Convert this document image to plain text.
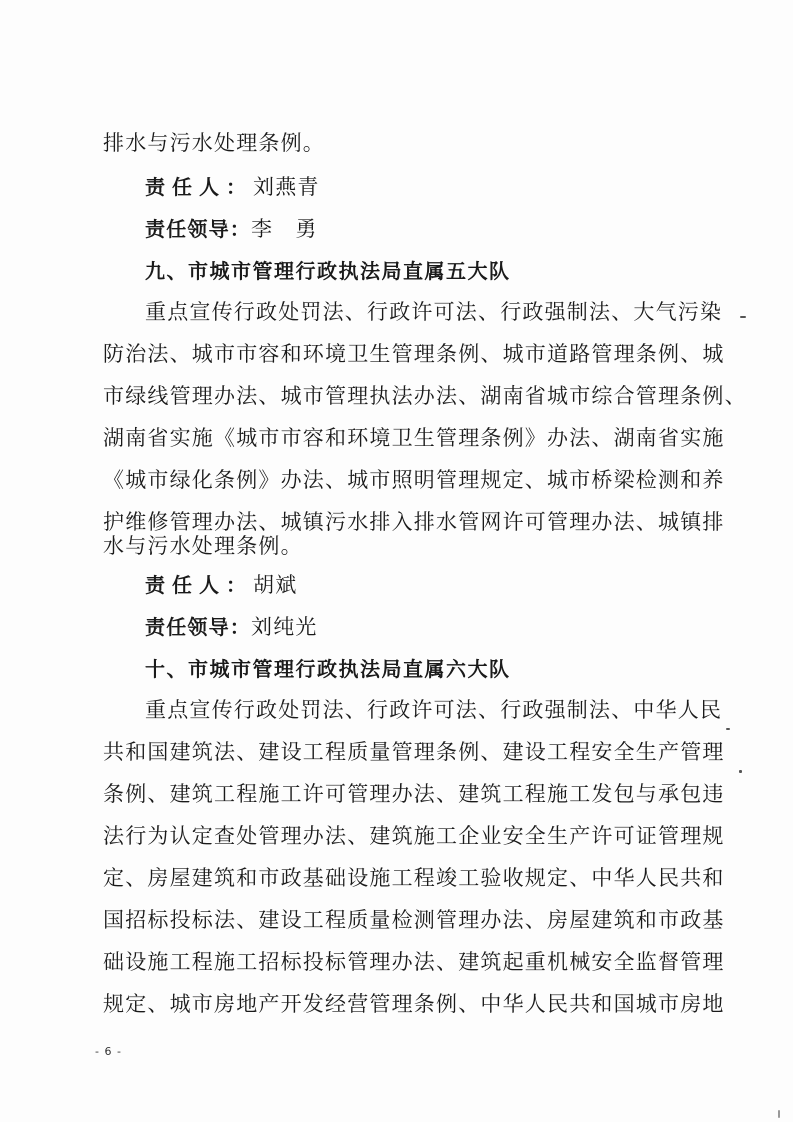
排水与污水处理条例。
责任人：刘燕青
责任领导：李　勇
九、市城市管理行政执法局直属五大队
重点宣传行政处罚法、行政许可法、行政强制法、大气污染
防治法、城市市容和环境卫生管理条例、城市道路管理条例、城
市绿线管理办法、城市管理执法办法、湖南省城市综合管理条例、
湖南省实施《城市市容和环境卫生管理条例》办法、湖南省实施
《城市绿化条例》办法、城市照明管理规定、城市桥梁检测和养
护维修管理办法、城镇污水排入排水管网许可管理办法、城镇排
水与污水处理条例。
责任人：胡斌
责任领导：刘纯光
十、市城市管理行政执法局直属六大队
重点宣传行政处罚法、行政许可法、行政强制法、中华人民
共和国建筑法、建设工程质量管理条例、建设工程安全生产管理
条例、建筑工程施工许可管理办法、建筑工程施工发包与承包违
法行为认定查处管理办法、建筑施工企业安全生产许可证管理规
定、房屋建筑和市政基础设施工程竣工验收规定、中华人民共和
国招标投标法、建设工程质量检测管理办法、房屋建筑和市政基
础设施工程施工招标投标管理办法、建筑起重机械安全监督管理
规定、城市房地产开发经营管理条例、中华人民共和国城市房地
- 6 -
